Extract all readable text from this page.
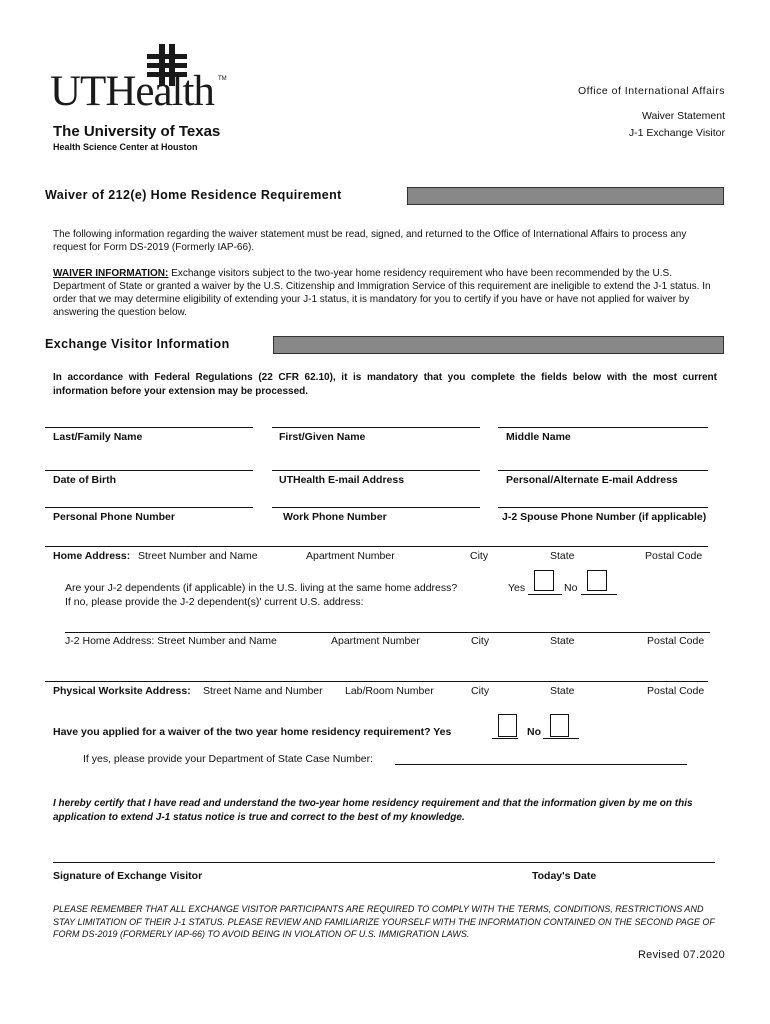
UTHealth TM
The University of Texas
Health Science Center at Houston
Office of International Affairs
Waiver Statement
J-1 Exchange Visitor
Waiver of 212(e) Home Residence Requirement
The following information regarding the waiver statement must be read, signed, and returned to the Office of International Affairs to process any request for Form DS-2019 (Formerly IAP-66).
WAIVER INFORMATION: Exchange visitors subject to the two-year home residency requirement who have been recommended by the U.S. Department of State or granted a waiver by the U.S. Citizenship and Immigration Service of this requirement are ineligible to extend the J-1 status. In order that we may determine eligibility of extending your J-1 status, it is mandatory for you to certify if you have or have not applied for waiver by answering the question below.
Exchange Visitor Information
In accordance with Federal Regulations (22 CFR 62.10), it is mandatory that you complete the fields below with the most current information before your extension may be processed.
Last/Family Name	First/Given Name	Middle Name
Date of Birth	UTHealth E-mail Address	Personal/Alternate E-mail Address
Personal Phone Number	Work Phone Number	J-2 Spouse Phone Number (if applicable)
Home Address: Street Number and Name	Apartment Number	City	State	Postal Code
Are your J-2 dependents (if applicable) in the U.S. living at the same home address?	Yes	No
If no, please provide the J-2 dependent(s)' current U.S. address:
J-2 Home Address: Street Number and Name	Apartment Number	City	State	Postal Code
Physical Worksite Address: Street Name and Number Lab/Room Number	City	State	Postal Code
Have you applied for a waiver of the two year home residency requirement? Yes	No
If yes, please provide your Department of State Case Number:
I hereby certify that I have read and understand the two-year home residency requirement and that the information given by me on this application to extend J-1 status notice is true and correct to the best of my knowledge.
Signature of Exchange Visitor	Today's Date
PLEASE REMEMBER THAT ALL EXCHANGE VISITOR PARTICIPANTS ARE REQUIRED TO COMPLY WITH THE TERMS, CONDITIONS, RESTRICTIONS AND STAY LIMITATION OF THEIR J-1 STATUS. PLEASE REVIEW AND FAMILIARIZE YOURSELF WITH THE INFORMATION CONTAINED ON THE SECOND PAGE OF FORM DS-2019 (FORMERLY IAP-66) TO AVOID BEING IN VIOLATION OF U.S. IMMIGRATION LAWS.
Revised 07.2020
